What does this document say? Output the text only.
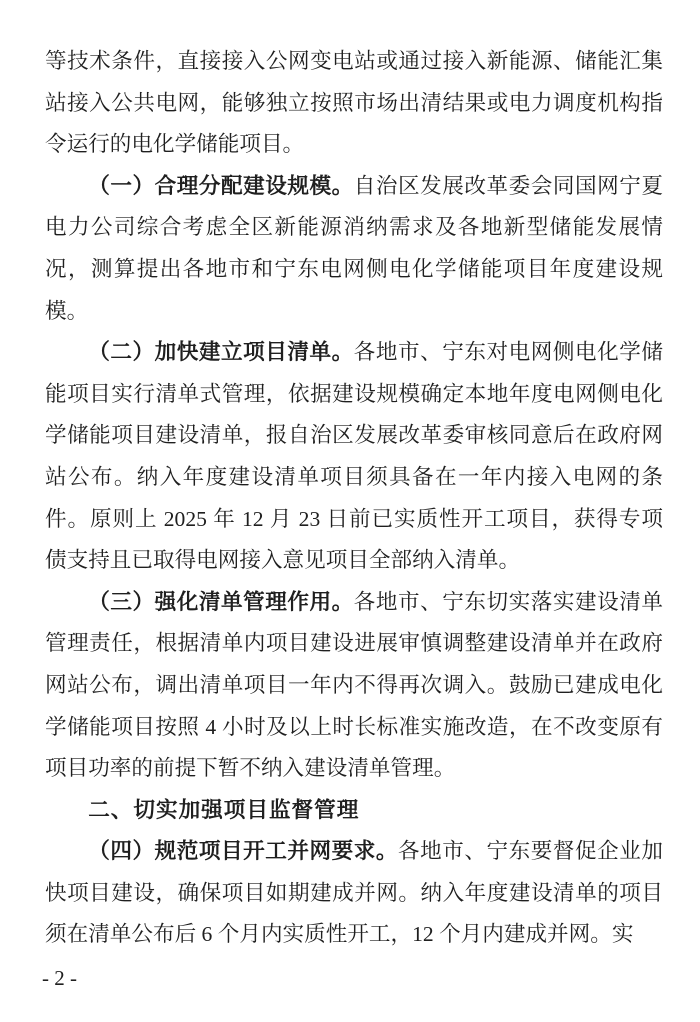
等技术条件，直接接入公网变电站或通过接入新能源、储能汇集
站接入公共电网，能够独立按照市场出清结果或电力调度机构指
令运行的电化学储能项目。
（一）合理分配建设规模。自治区发展改革委会同国网宁夏
电力公司综合考虑全区新能源消纳需求及各地新型储能发展情
况，测算提出各地市和宁东电网侧电化学储能项目年度建设规
模。
（二）加快建立项目清单。各地市、宁东对电网侧电化学储
能项目实行清单式管理，依据建设规模确定本地年度电网侧电化
学储能项目建设清单，报自治区发展改革委审核同意后在政府网
站公布。纳入年度建设清单项目须具备在一年内接入电网的条
件。原则上 2025 年 12 月 23 日前已实质性开工项目，获得专项
债支持且已取得电网接入意见项目全部纳入清单。
（三）强化清单管理作用。各地市、宁东切实落实建设清单
管理责任，根据清单内项目建设进展审慎调整建设清单并在政府
网站公布，调出清单项目一年内不得再次调入。鼓励已建成电化
学储能项目按照 4 小时及以上时长标准实施改造，在不改变原有
项目功率的前提下暂不纳入建设清单管理。
二、切实加强项目监督管理
（四）规范项目开工并网要求。各地市、宁东要督促企业加
快项目建设，确保项目如期建成并网。纳入年度建设清单的项目
须在清单公布后 6 个月内实质性开工，12 个月内建成并网。实
- 2 -
